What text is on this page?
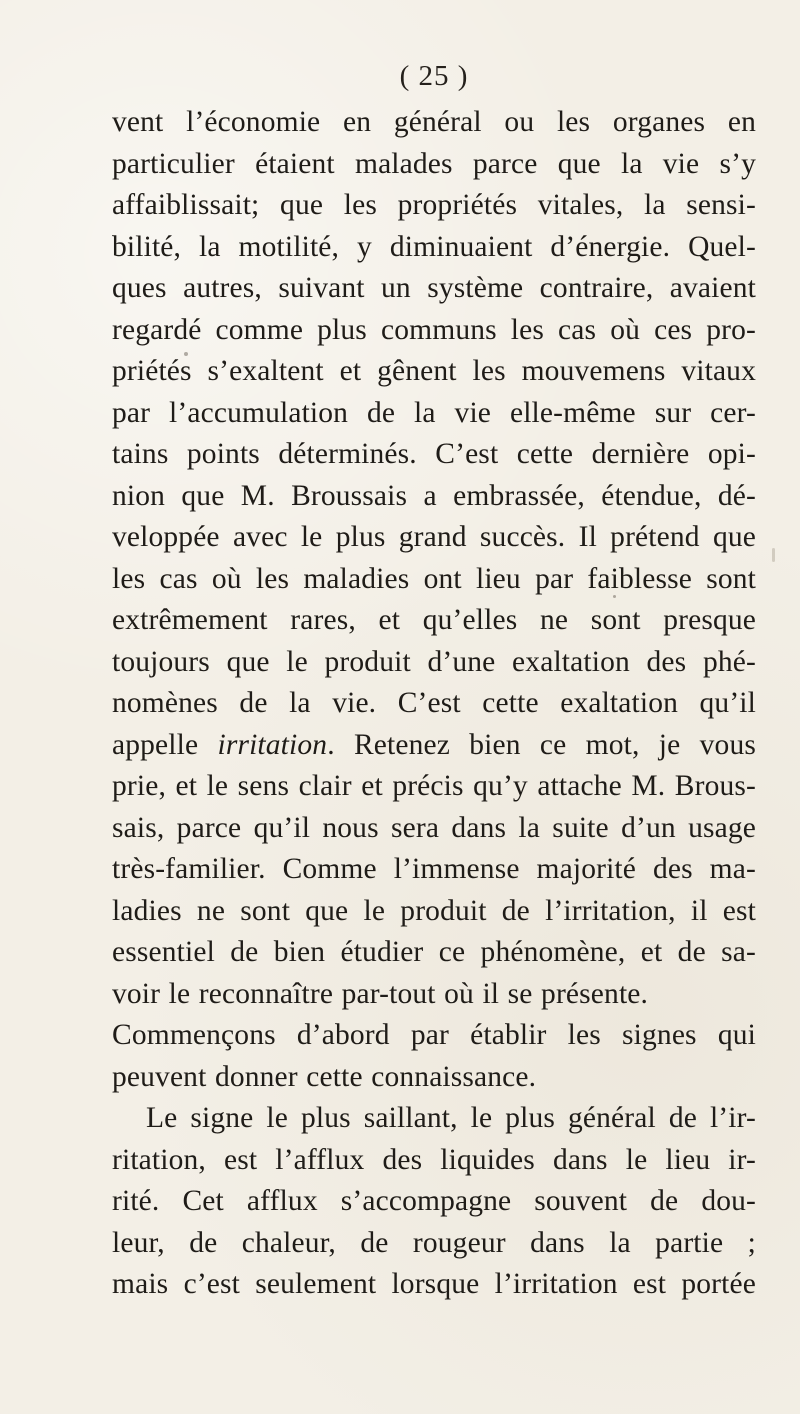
( 25 )
vent l’économie en général ou les organes en
particulier étaient malades parce que la vie s’y
affaiblissait; que les propriétés vitales, la sensi-
bilité, la motilité, y diminuaient d’énergie. Quel-
ques autres, suivant un système contraire, avaient
regardé comme plus communs les cas où ces pro-
priétés s’exaltent et gênent les mouvemens vitaux
par l’accumulation de la vie elle-même sur cer-
tains points déterminés. C’est cette dernière opi-
nion que M. Broussais a embrassée, étendue, dé-
veloppée avec le plus grand succès. Il prétend que
les cas où les maladies ont lieu par faiblesse sont
extrêmement rares, et qu’elles ne sont presque
toujours que le produit d’une exaltation des phé-
nomènes de la vie. C’est cette exaltation qu’il
appelle irritation. Retenez bien ce mot, je vous
prie, et le sens clair et précis qu’y attache M. Brous-
sais, parce qu’il nous sera dans la suite d’un usage
très-familier. Comme l’immense majorité des ma-
ladies ne sont que le produit de l’irritation, il est
essentiel de bien étudier ce phénomène, et de sa-
voir le reconnaître par-tout où il se présente.
Commençons d’abord par établir les signes qui
peuvent donner cette connaissance.
Le signe le plus saillant, le plus général de l’ir-
ritation, est l’afflux des liquides dans le lieu ir-
rité. Cet afflux s’accompagne souvent de dou-
leur, de chaleur, de rougeur dans la partie ;
mais c’est seulement lorsque l’irritation est portée
